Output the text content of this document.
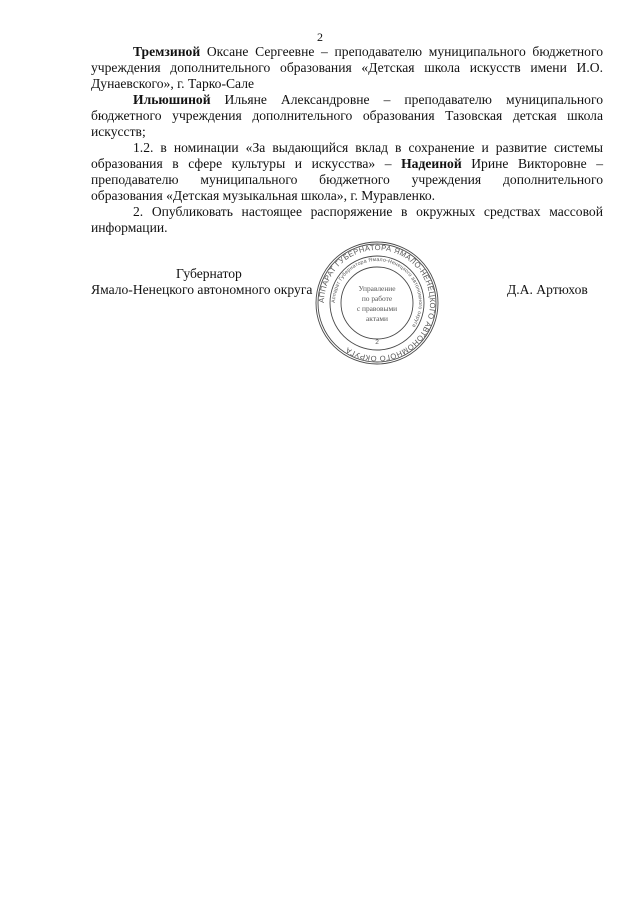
2

Тремзиной Оксане Сергеевне – преподавателю муниципального бюджетного учреждения дополнительного образования «Детская школа искусств имени И.О. Дунаевского», г. Тарко-Сале

Ильюшиной Ильяне Александровне – преподавателю муниципального бюджетного учреждения дополнительного образования Тазовская детская школа искусств;

1.2. в номинации «За выдающийся вклад в сохранение и развитие системы образования в сфере культуры и искусства» – Надеиной Ирине Викторовне – преподавателю муниципального бюджетного учреждения дополнительного образования «Детская музыкальная школа», г. Муравленко.

2. Опубликовать настоящее распоряжение в окружных средствах массовой информации.

Губернатор
Ямало-Ненецкого автономного округа	Д.А. Артюхов
АППАРАТ ГУБЕРНАТОРА ЯМАЛО-НЕНЕЦКОГО АВТОНОМНОГО ОКРУГА
Аппарат Губернатора Ямало-Ненецкого автономного округа
Управление
по работе
с правовыми
актами
2
